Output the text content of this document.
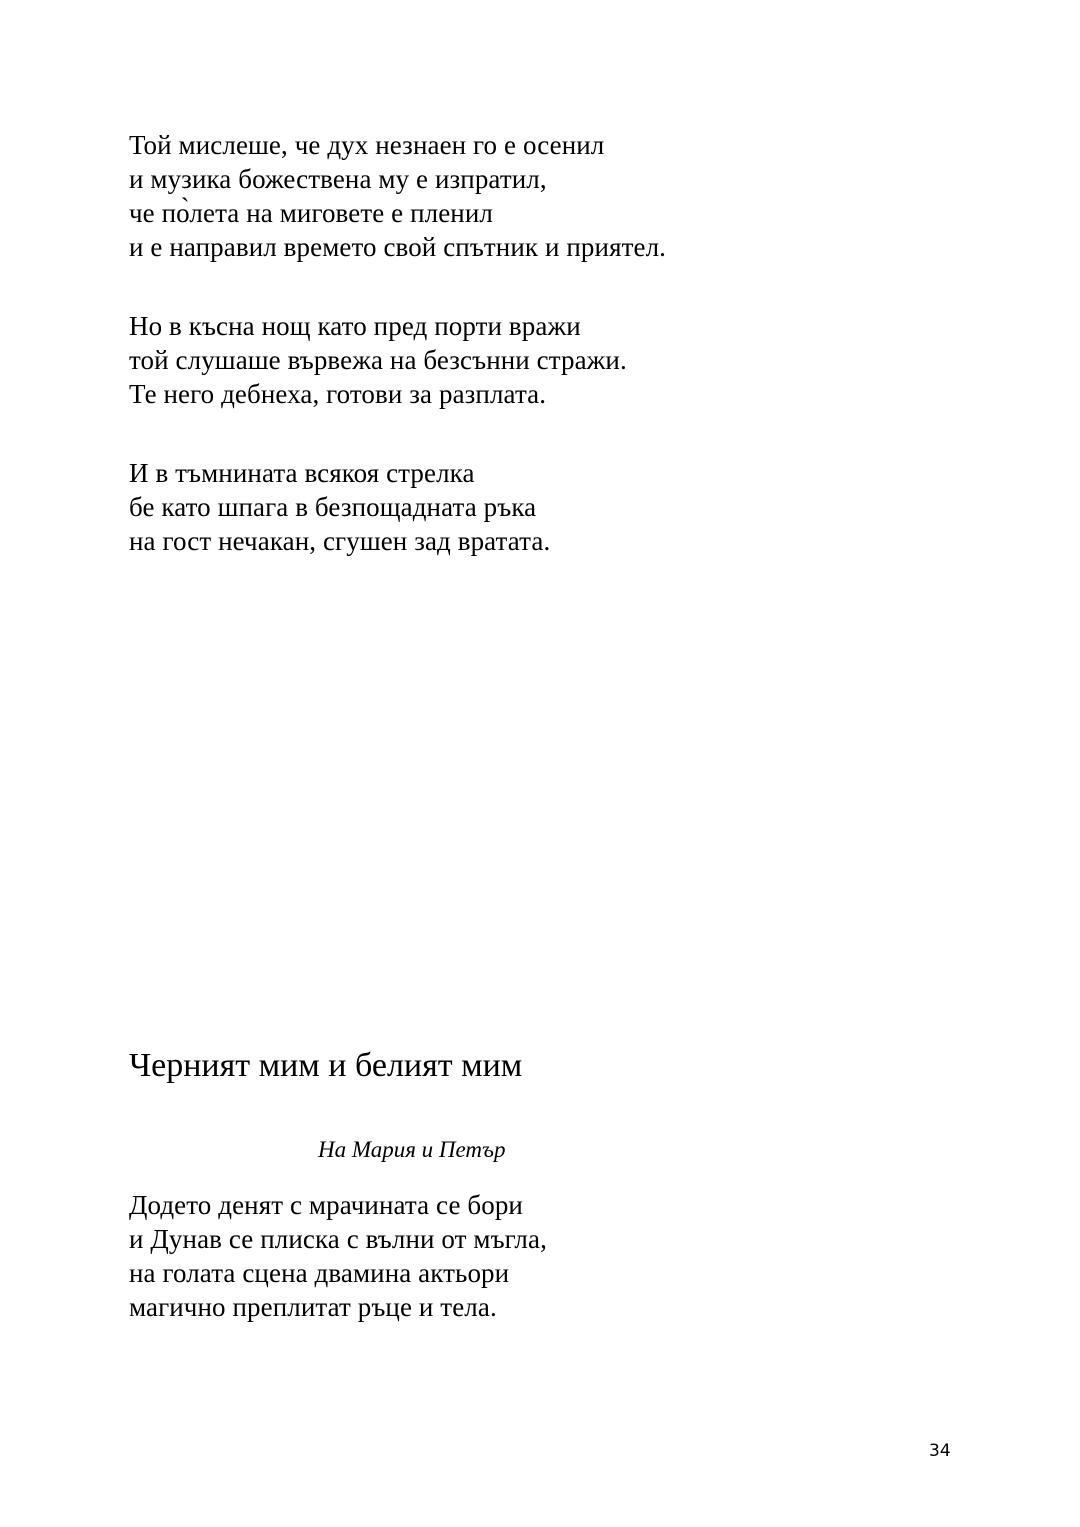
Той мислеше, че дух незнаен го е осенил
и музика божествена му е изпратил,
че по̀лета на миговете е пленил
и е направил времето свой спътник и приятел.

Но в късна нощ като пред порти вражи
той слушаше вървежа на безсънни стражи.
Те него дебнеха, готови за разплата.

И в тъмнината всякоя стрелка
бе като шпага в безпощадната ръка
на гост нечакан, сгушен зад вратата.

Черният мим и белият мим

На Мария и Петър

Додето денят с мрачината се бори
и Дунав се плиска с вълни от мъгла,
на голата сцена двамина актьори
магично преплитат ръце и тела.

34
